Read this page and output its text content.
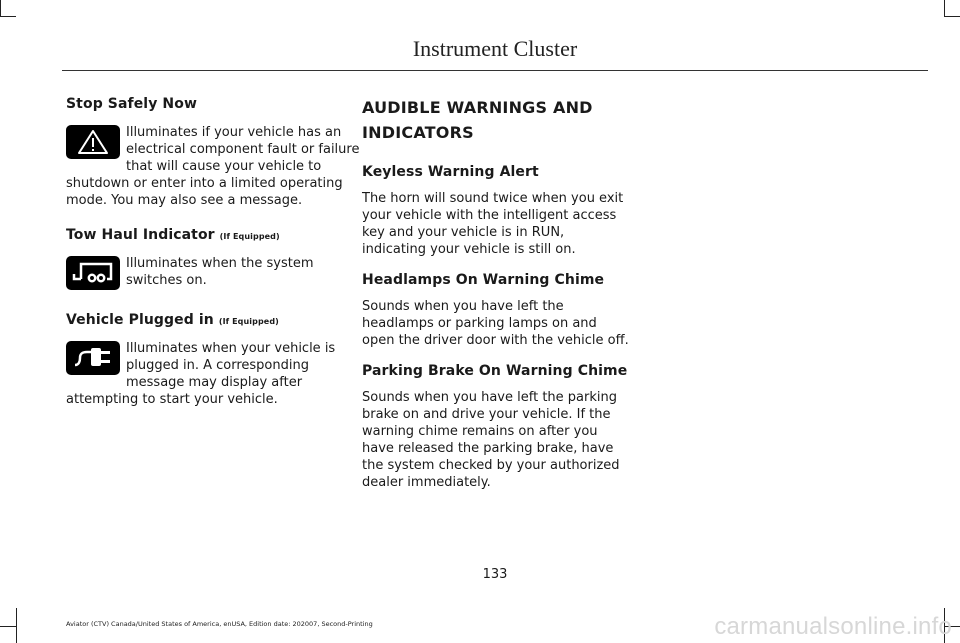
Instrument Cluster
Stop Safely Now

Illuminates if your vehicle has an electrical component fault or failure that will cause your vehicle to shutdown or enter into a limited operating mode. You may also see a message.

Tow Haul Indicator (If Equipped)

Illuminates when the system switches on.

Vehicle Plugged in (If Equipped)

Illuminates when your vehicle is plugged in. A corresponding message may display after attempting to start your vehicle.

AUDIBLE WARNINGS AND
INDICATORS
Keyless Warning Alert

The horn will sound twice when you exit your vehicle with the intelligent access key and your vehicle is in RUN, indicating your vehicle is still on.

Headlamps On Warning Chime

Sounds when you have left the headlamps or parking lamps on and open the driver door with the vehicle off.

Parking Brake On Warning Chime

Sounds when you have left the parking brake on and drive your vehicle. If the warning chime remains on after you have released the parking brake, have the system checked by your authorized dealer immediately.

133
Aviator (CTV) Canada/United States of America, enUSA, Edition date: 202007, Second-Printing	carmanualsonline.info
